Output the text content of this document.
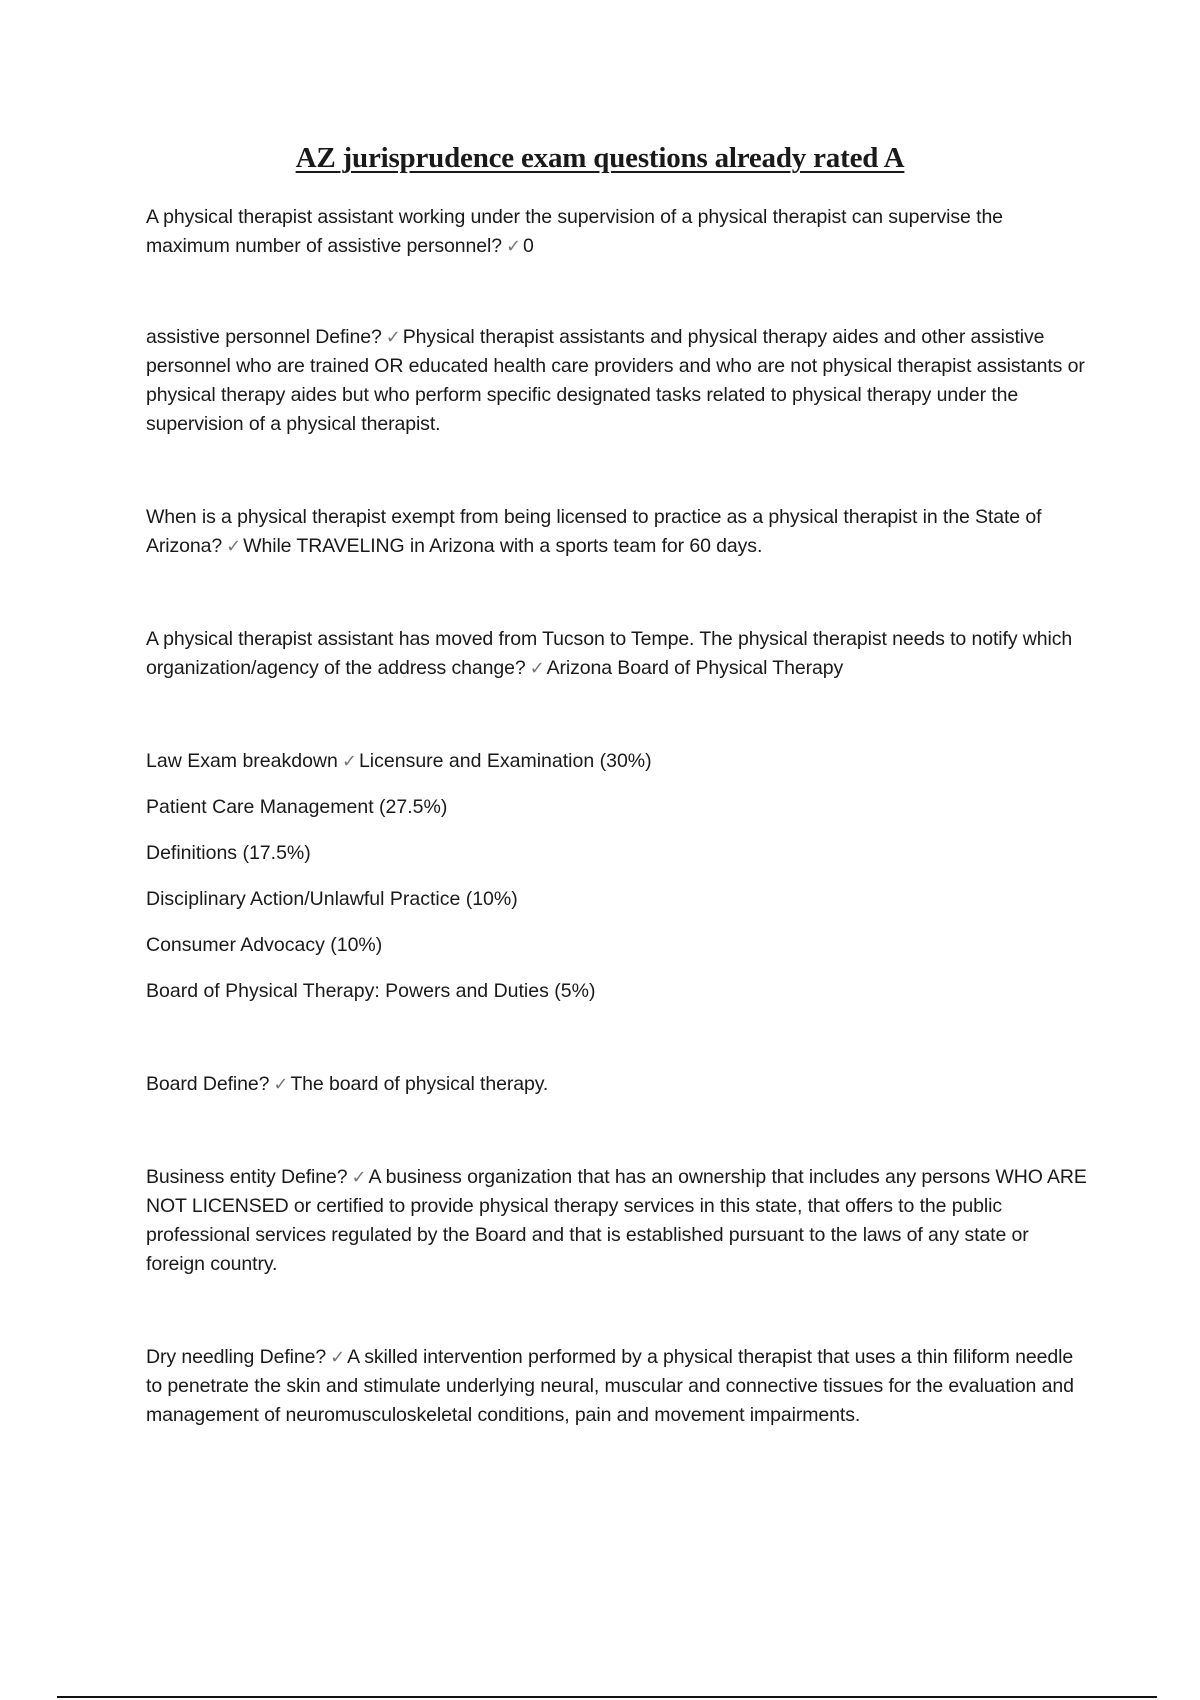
AZ jurisprudence exam questions already rated A

A physical therapist assistant working under the supervision of a physical therapist can supervise the maximum number of assistive personnel? ✓ 0

assistive personnel Define? ✓ Physical therapist assistants and physical therapy aides and other assistive personnel who are trained OR educated health care providers and who are not physical therapist assistants or physical therapy aides but who perform specific designated tasks related to physical therapy under the supervision of a physical therapist.

When is a physical therapist exempt from being licensed to practice as a physical therapist in the State of Arizona? ✓ While TRAVELING in Arizona with a sports team for 60 days.

A physical therapist assistant has moved from Tucson to Tempe. The physical therapist needs to notify which organization/agency of the address change? ✓ Arizona Board of Physical Therapy

Law Exam breakdown ✓ Licensure and Examination (30%)

Patient Care Management (27.5%)

Definitions (17.5%)

Disciplinary Action/Unlawful Practice (10%)

Consumer Advocacy (10%)

Board of Physical Therapy: Powers and Duties (5%)

Board Define? ✓ The board of physical therapy.

Business entity Define? ✓ A business organization that has an ownership that includes any persons WHO ARE NOT LICENSED or certified to provide physical therapy services in this state, that offers to the public professional services regulated by the Board and that is established pursuant to the laws of any state or foreign country.

Dry needling Define? ✓ A skilled intervention performed by a physical therapist that uses a thin filiform needle to penetrate the skin and stimulate underlying neural, muscular and connective tissues for the evaluation and management of neuromusculoskeletal conditions, pain and movement impairments.
